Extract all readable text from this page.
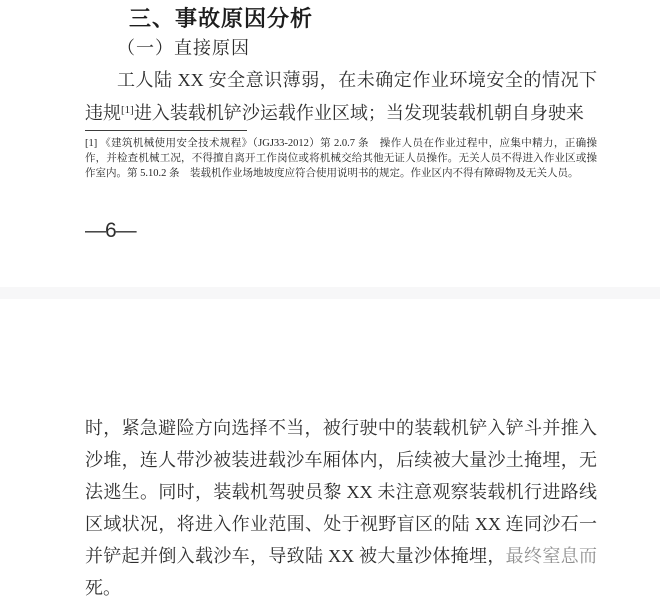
三、事故原因分析
（一）直接原因

工人陆 XX 安全意识薄弱，在未确定作业环境安全的情况下违规[1]进入装载机铲沙运载作业区域；当发现装载机朝自身驶来

[1] 《建筑机械使用安全技术规程》（JGJ33-2012）第 2.0.7 条　操作人员在作业过程中，应集中精力，正确操作，并检查机械工况，不得擅自离开工作岗位或将机械交给其他无证人员操作。无关人员不得进入作业区或操作室内。第 5.10.2 条　装载机作业场地坡度应符合使用说明书的规定。作业区内不得有障碍物及无关人员。

—6—

时，紧急避险方向选择不当，被行驶中的装载机铲入铲斗并推入沙堆，连人带沙被装进载沙车厢体内，后续被大量沙土掩埋，无法逃生。同时，装载机驾驶员黎 XX 未注意观察装载机行进路线区域状况，将进入作业范围、处于视野盲区的陆 XX 连同沙石一并铲起并倒入载沙车，导致陆 XX 被大量沙体掩埋，最终窒息而死。
